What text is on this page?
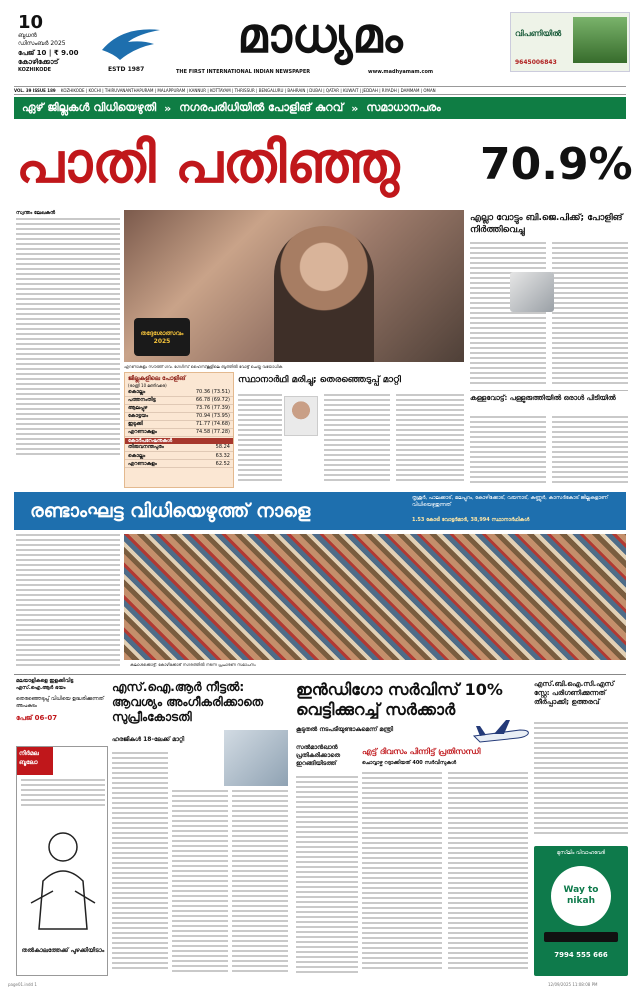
10
ബുധൻ
ഡിസംബർ 2025
പേജ് 10 | ₹ 9.00
കോഴിക്കോട്
KOZHIKODE	ESTD 1987
മാധ്യമം
THE FIRST INTERNATIONAL INDIAN NEWSPAPER	www.madhyamam.com
വിപണിയിൽ
9645006843
VOL. 39 ISSUE 189 KOZHIKODE | KOCHI | THIRUVANANTHAPURAM | MALAPPURAM | KANNUR | KOTTAYAM | THRISSUR | BENGALURU | BAHRAIN | DUBAI | QATAR | KUWAIT | JEDDAH | RIYADH | DAMMAM | OMAN
ഏഴ് ജില്ലകൾ വിധിയെഴുതി » നഗരപരിധിയിൽ പോളിങ് കുറവ് » സമാധാനപരം
പാതി പതിഞ്ഞു	70.9%
സ്വന്തം ലേഖകൻ
തദ്ദേശോത്സവം 2025
എറണാകുളം സൗത്ത് ഗവ. ഗേൾസ് ഹൈസ്‌കൂളിലെ ബൂത്തിൽ വോട്ട് ചെയ്ത വയോധിക
എല്ലാ വോട്ടും ബി.ജെ.പിക്ക്; പോളിങ് നിർത്തിവെച്ചു
കള്ളവോട്ട്: പള്ളുരുത്തിയിൽ ഒരാൾ പിടിയിൽ
ജില്ലകളിലെ പോളിങ്
(രാത്രി 10 മണിവരെ)
കൊല്ലം	70.36 (73.51)
പത്തനംതിട്ട	66.78 (69.72)
ആലപ്പുഴ	73.76 (77.39)
കോട്ടയം	70.94 (73.95)
ഇടുക്കി	71.77 (74.68)
എറണാകുളം	74.58 (77.28)
കോർപറേഷനുകൾ
തിരുവനന്തപുരം	58.24
കൊല്ലം	63.32
എറണാകുളം	62.52
സ്ഥാനാർഥി മരിച്ചു; തെരഞ്ഞെടുപ്പ് മാറ്റി
രണ്ടാംഘട്ട വിധിയെഴുത്ത് നാളെ
തൃശൂർ, പാലക്കാട്, മലപ്പുറം, കോഴിക്കോട്, വയനാട്, കണ്ണൂർ, കാസർകോട് ജില്ലകളാണ് വിധിയെഴുതുന്നത്
1.53 കോടി വോട്ടർമാർ, 38,994 സ്ഥാനാർഥികൾ
കലാശക്കൊട്ട്: കോഴിക്കോട് നഗരത്തിൽ നടന്ന പ്രചാരണ സമാപനം
മലയാളികളെ ഇളക്കിവിട്ട എസ്.ഐ.ആർ ഭയം
തെരഞ്ഞെടുപ്പ് വിധിയെ ഉദ്ധരിക്കുന്നത് അപകടം
പേജ് 06-07
നിർമല ബൂലോ
തൽകാലത്തേക്ക് പുഴക്കിയിടാം
എസ്.ഐ.ആർ നീട്ടൽ: ആവശ്യം അംഗീകരിക്കാതെ സുപ്രീംകോടതി
ഹരജികൾ 18-ലേക്ക് മാറ്റി
ഇൻഡിഗോ സർവിസ് 10% വെട്ടിക്കുറച്ച് സർക്കാർ
കൂടുതൽ നടപടിയുണ്ടാകുമെന്ന് മന്ത്രി
സൽമാൻഖാൻ പ്രതികരിക്കാതെ ഇറങ്ങിയിടത്ത്
എട്ട് ദിവസം പിന്നിട്ട് പ്രതിസന്ധി
ചൊവ്വാഴ്ച റദ്ദാക്കിയത് 400 സർവിസുകൾ
എസ്.ബി.ഐ.സി.എസ് സ്റ്റേ: പരിഗണിക്കുന്നത് തീർപ്പാക്കി; ഉത്തരവ്
മുസ്‌ലിം വിവാഹവേദി
Way to nikah
7994 555 666
page01.indd 1	12/09/2025 11:08:08 PM
